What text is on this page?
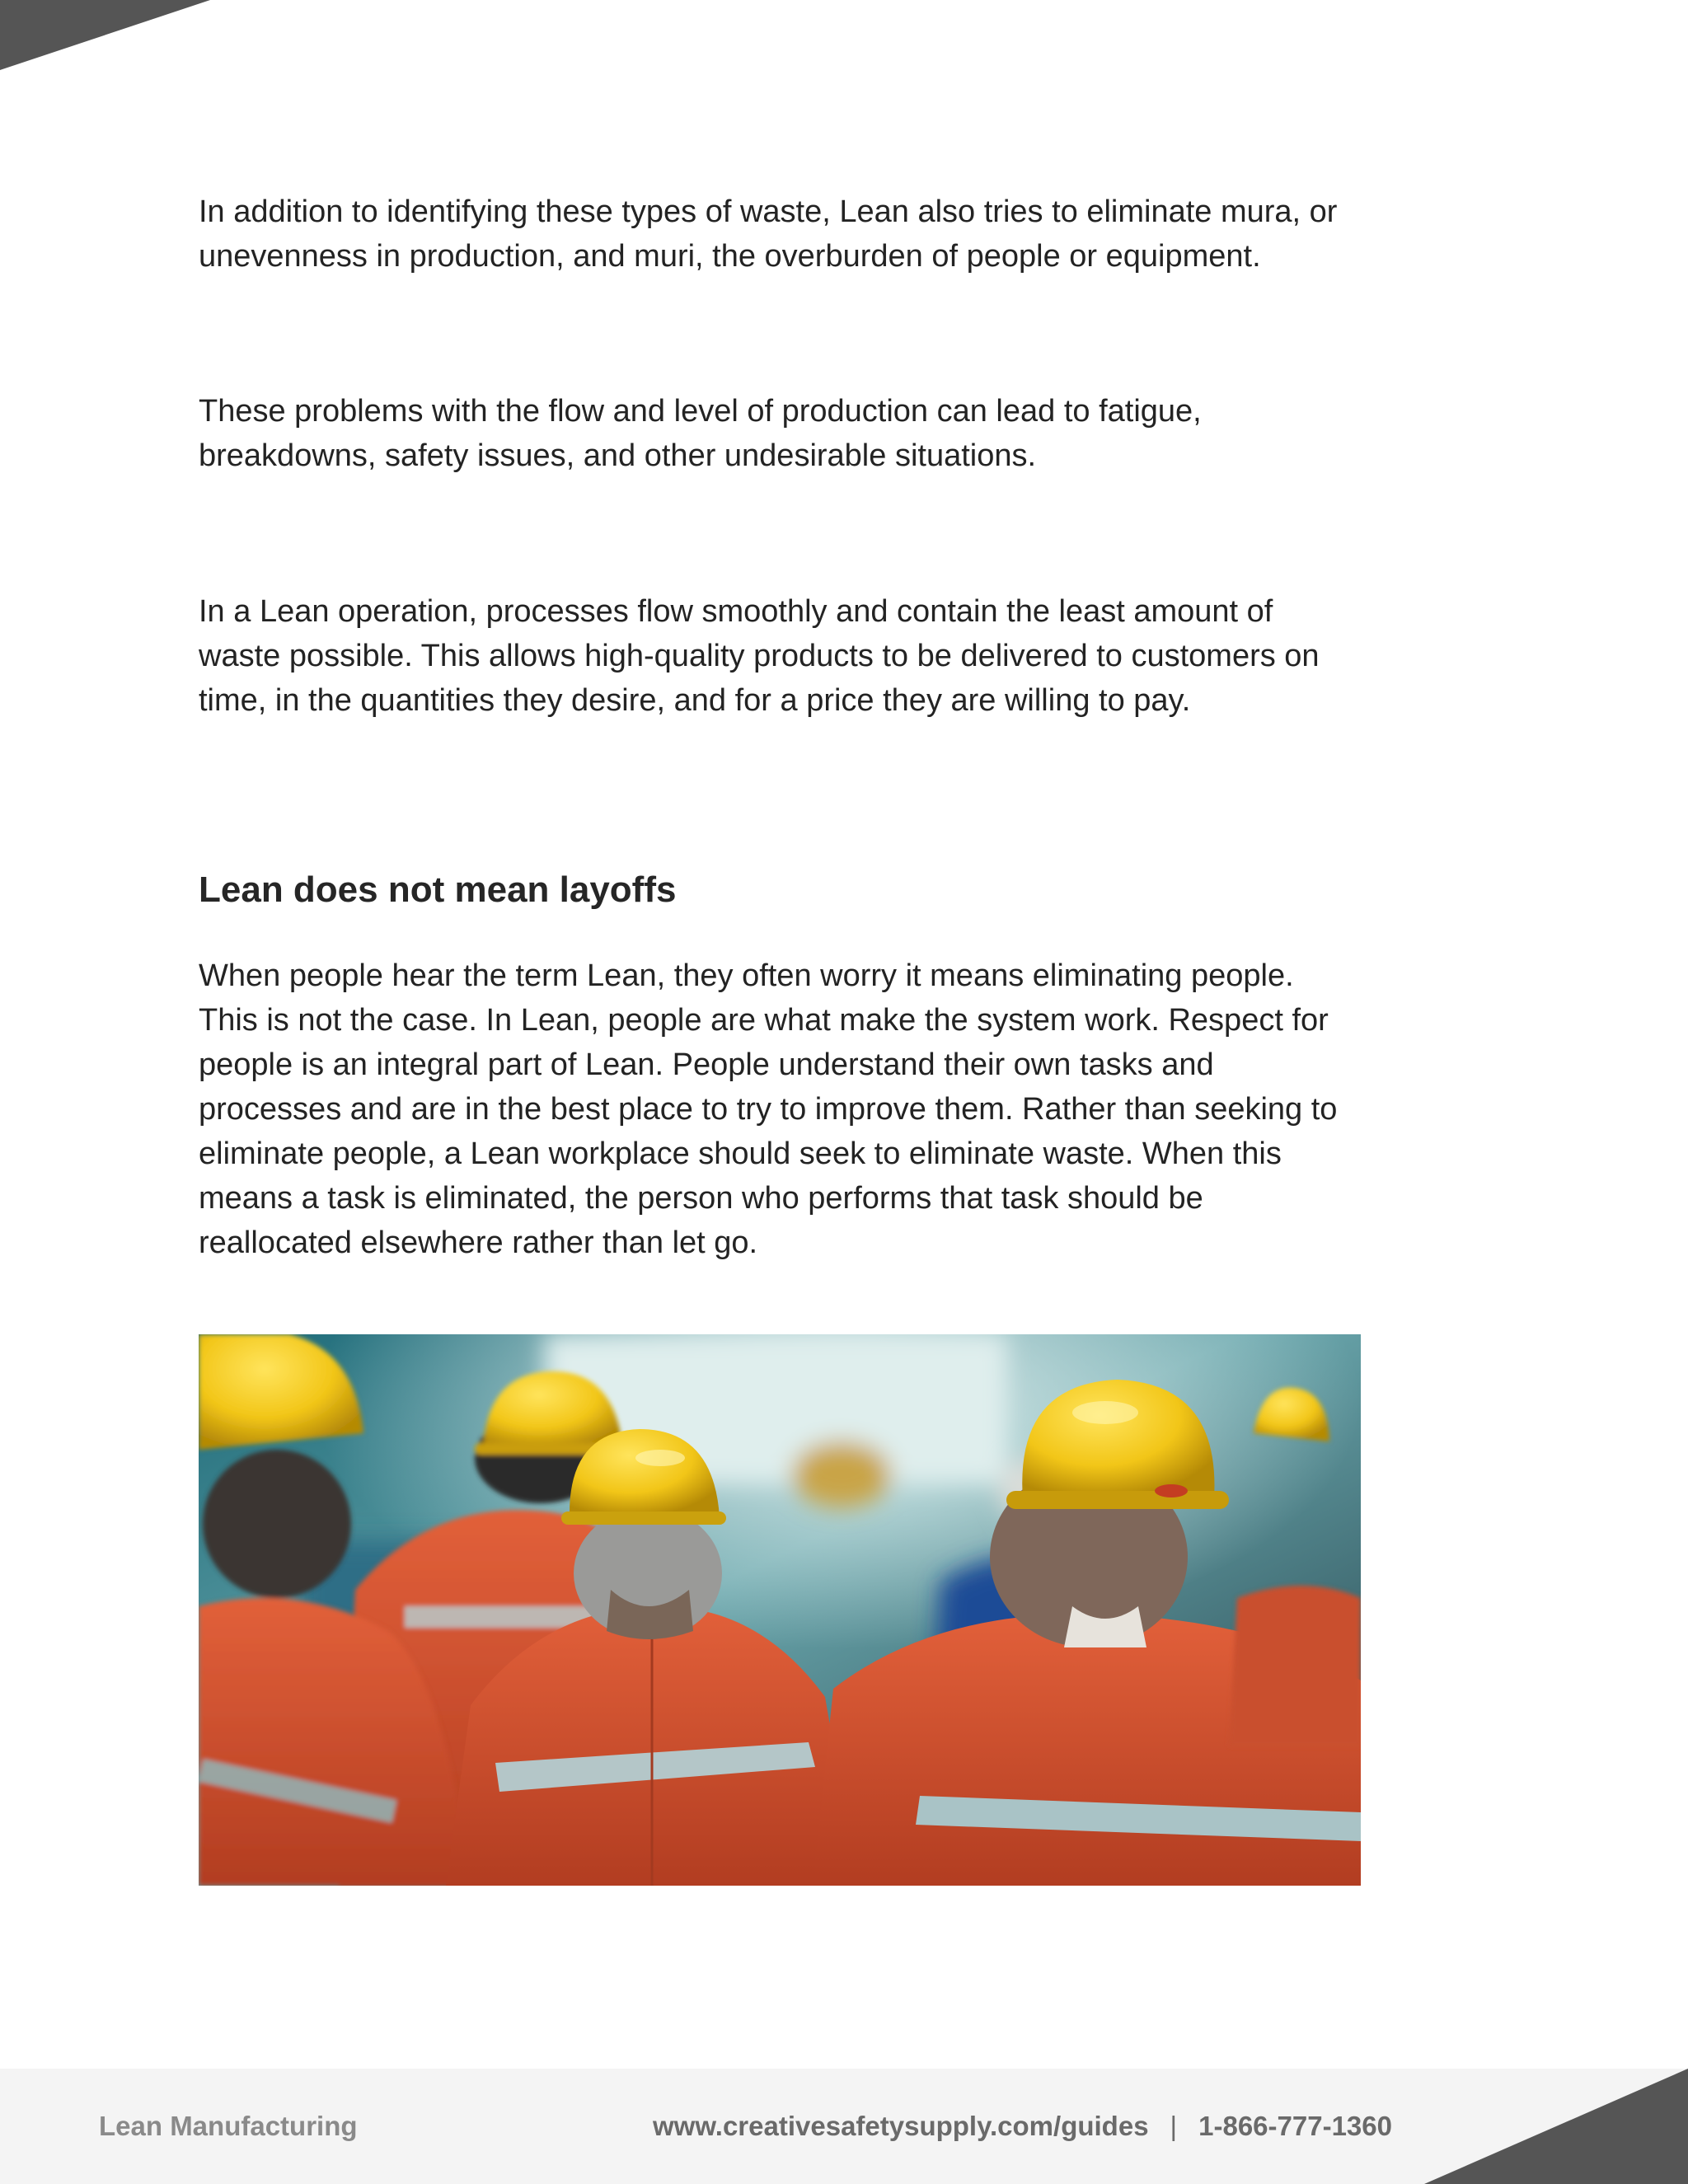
In addition to identifying these types of waste, Lean also tries to eliminate mura, or unevenness in production, and muri, the overburden of people or equipment.

These problems with the flow and level of production can lead to fatigue, breakdowns, safety issues, and other undesirable situations.

In a Lean operation, processes flow smoothly and contain the least amount of waste possible. This allows high-quality products to be delivered to customers on time, in the quantities they desire, and for a price they are willing to pay.

Lean does not mean layoffs

When people hear the term Lean, they often worry it means eliminating people. This is not the case. In Lean, people are what make the system work. Respect for people is an integral part of Lean. People understand their own tasks and processes and are in the best place to try to improve them. Rather than seeking to eliminate people, a Lean workplace should seek to eliminate waste. When this means a task is eliminated, the person who performs that task should be reallocated elsewhere rather than let go.

Lean Manufacturing	www.creativesafetysupply.com/guides | 1-866-777-1360
